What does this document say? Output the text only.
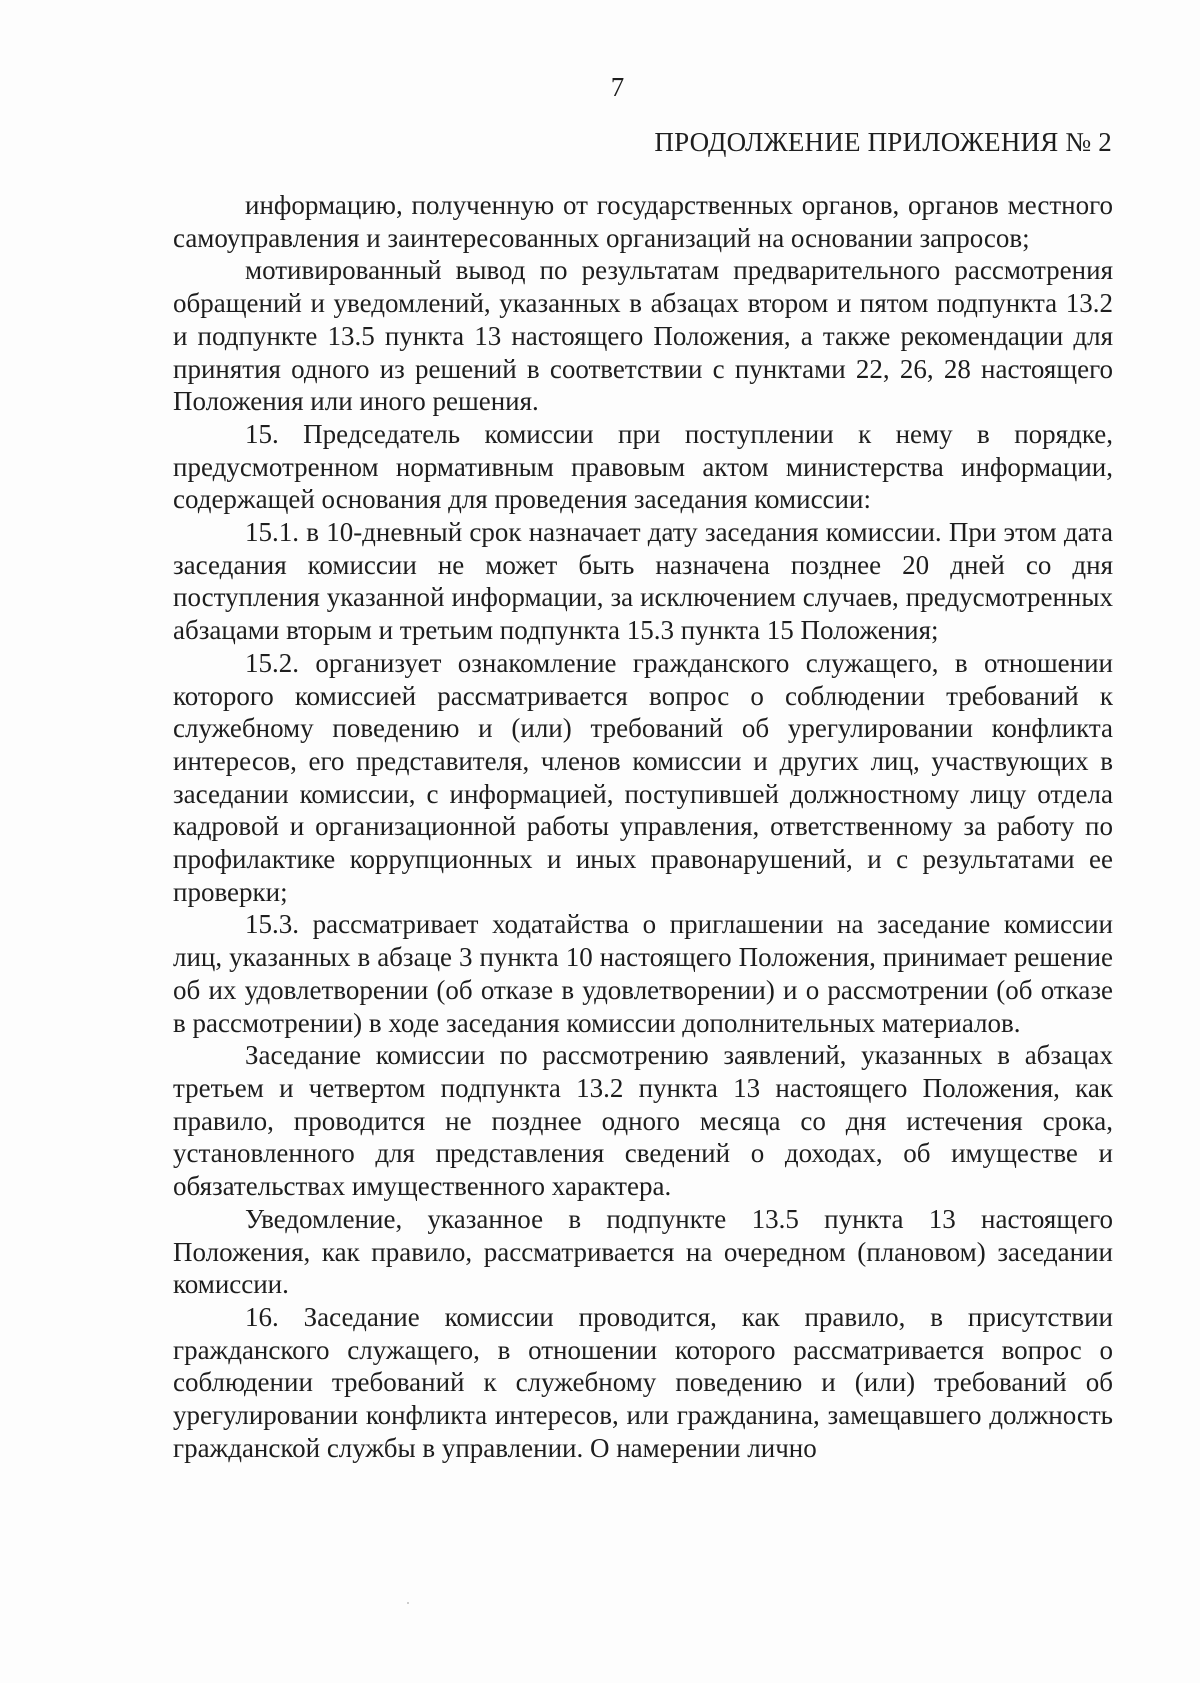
7
ПРОДОЛЖЕНИЕ ПРИЛОЖЕНИЯ № 2

информацию, полученную от государственных органов, органов местного самоуправления и заинтересованных организаций на основании запросов;

мотивированный вывод по результатам предварительного рассмотрения обращений и уведомлений, указанных в абзацах втором и пятом подпункта 13.2 и подпункте 13.5 пункта 13 настоящего Положения, а также рекомендации для принятия одного из решений в соответствии с пунктами 22, 26, 28 настоящего Положения или иного решения.

15. Председатель комиссии при поступлении к нему в порядке, предусмотренном нормативным правовым актом министерства информации, содержащей основания для проведения заседания комиссии:

15.1. в 10-дневный срок назначает дату заседания комиссии. При этом дата заседания комиссии не может быть назначена позднее 20 дней со дня поступления указанной информации, за исключением случаев, предусмотренных абзацами вторым и третьим подпункта 15.3 пункта 15 Положения;

15.2. организует ознакомление гражданского служащего, в отношении которого комиссией рассматривается вопрос о соблюдении требований к служебному поведению и (или) требований об урегулировании конфликта интересов, его представителя, членов комиссии и других лиц, участвующих в заседании комиссии, с информацией, поступившей должностному лицу отдела кадровой и организационной работы управления, ответственному за работу по профилактике коррупционных и иных правонарушений, и с результатами ее проверки;

15.3. рассматривает ходатайства о приглашении на заседание комиссии лиц, указанных в абзаце 3 пункта 10 настоящего Положения, принимает решение об их удовлетворении (об отказе в удовлетворении) и о рассмотрении (об отказе в рассмотрении) в ходе заседания комиссии дополнительных материалов.

Заседание комиссии по рассмотрению заявлений, указанных в абзацах третьем и четвертом подпункта 13.2 пункта 13 настоящего Положения, как правило, проводится не позднее одного месяца со дня истечения срока, установленного для представления сведений о доходах, об имуществе и обязательствах имущественного характера.

Уведомление, указанное в подпункте 13.5 пункта 13 настоящего Положения, как правило, рассматривается на очередном (плановом) заседании комиссии.

16. Заседание комиссии проводится, как правило, в присутствии гражданского служащего, в отношении которого рассматривается вопрос о соблюдении требований к служебному поведению и (или) требований об урегулировании конфликта интересов, или гражданина, замещавшего должность гражданской службы в управлении. О намерении лично
